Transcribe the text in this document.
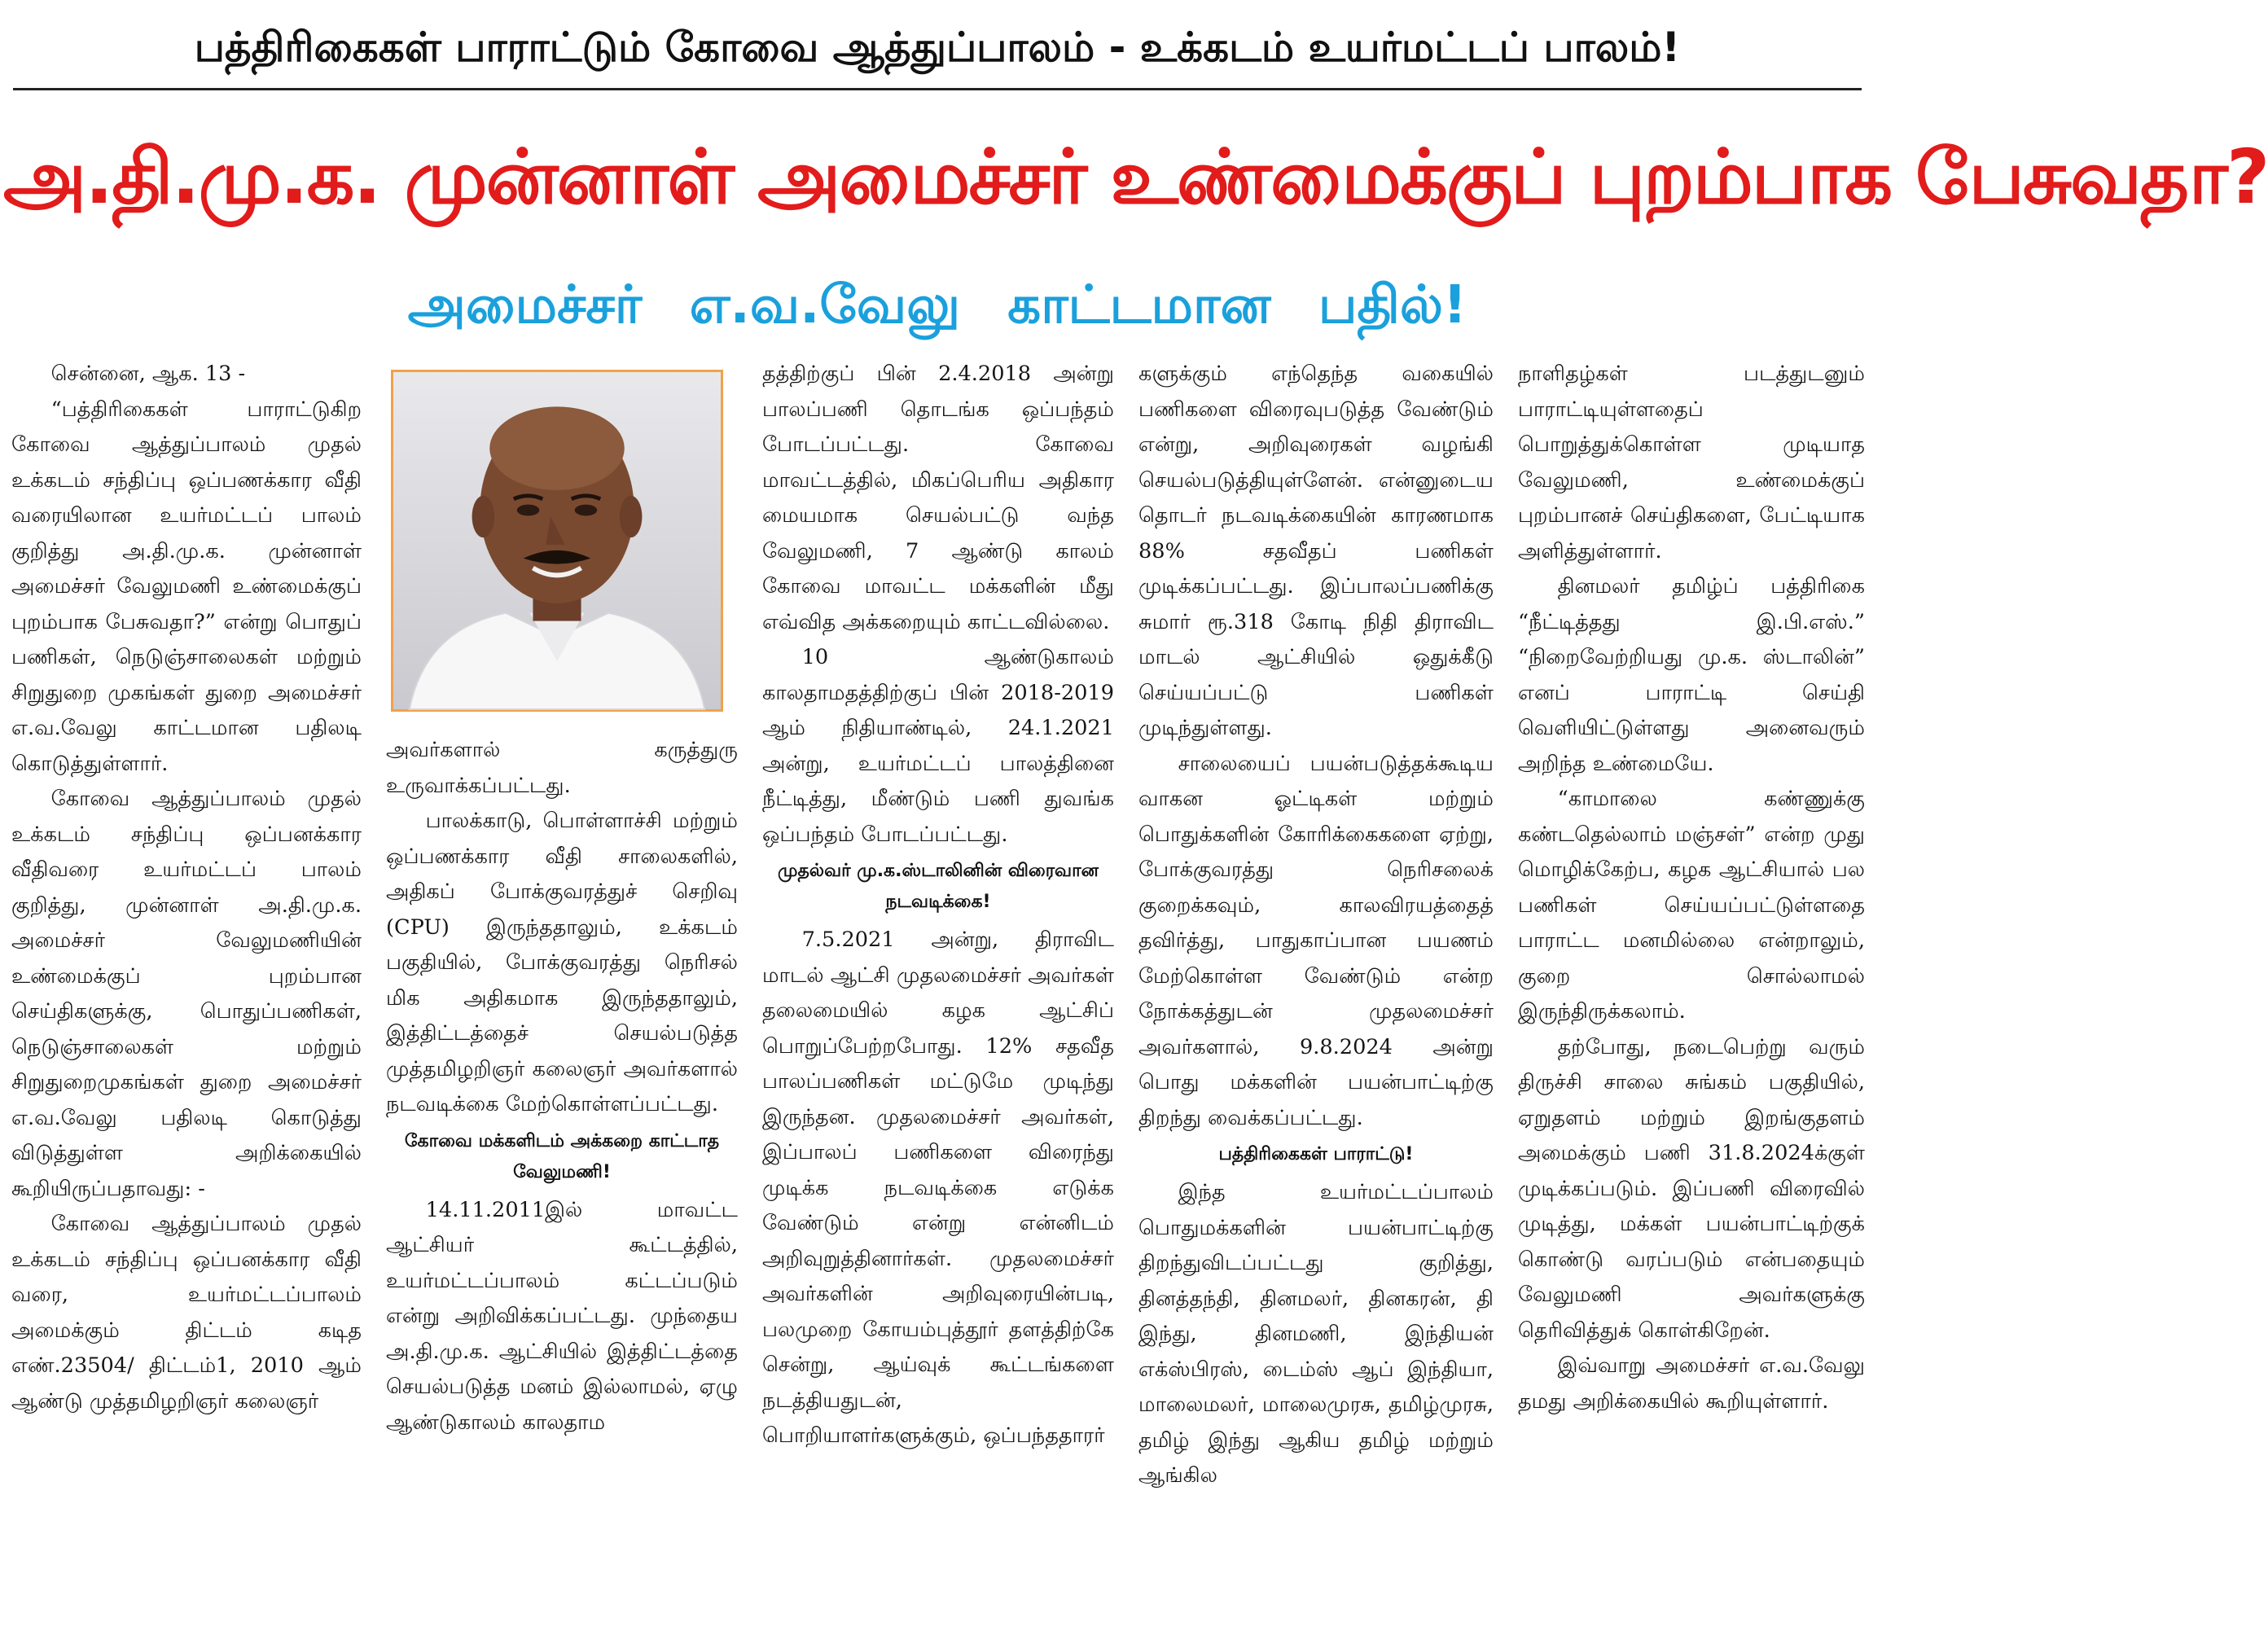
பத்திரிகைகள் பாராட்டும் கோவை ஆத்துப்பாலம் - உக்கடம் உயர்மட்டப் பாலம்!
அ.தி.மு.க. முன்னாள் அமைச்சர் உண்மைக்குப் புறம்பாக பேசுவதா?
அமைச்சர் எ.வ.வேலு காட்டமான பதில்!

சென்னை, ஆக. 13 -

“பத்திரிகைகள் பாராட்டுகிற கோவை ஆத்துப்பாலம் முதல் உக்கடம் சந்திப்பு ஒப்பணக்கார வீதி வரையிலான உயர்மட்டப் பாலம் குறித்து அ.தி.மு.க. முன்னாள் அமைச்சர் வேலுமணி உண்மைக்குப் புறம்பாக பேசுவதா?” என்று பொதுப் பணிகள், நெடுஞ்சாலைகள் மற்றும் சிறுதுறை முகங்கள் துறை அமைச்சர் எ.வ.வேலு காட்டமான பதிலடி கொடுத்துள்ளார்.

கோவை ஆத்துப்பாலம் முதல் உக்கடம் சந்திப்பு ஒப்பனக்கார வீதிவரை உயர்மட்டப் பாலம் குறித்து, முன்னாள் அ.தி.மு.க. அமைச்சர் வேலுமணியின் உண்மைக்குப் புறம்பான செய்திகளுக்கு, பொதுப்பணிகள், நெடுஞ்சாலைகள் மற்றும் சிறுதுறைமுகங்கள் துறை அமைச்சர் எ.வ.வேலு பதிலடி கொடுத்து விடுத்துள்ள அறிக்கையில் கூறியிருப்பதாவது: -

கோவை ஆத்துப்பாலம் முதல் உக்கடம் சந்திப்பு ஒப்பனக்கார வீதி வரை, உயர்மட்டப்பாலம் அமைக்கும் திட்டம் கடித எண்.23504/ திட்டம்1, 2010 ஆம் ஆண்டு முத்தமிழறிஞர் கலைஞர்

அவர்களால் கருத்துரு உருவாக்கப்பட்டது.

பாலக்காடு, பொள்ளாச்சி மற்றும் ஒப்பணக்கார வீதி சாலைகளில், அதிகப் போக்குவரத்துச் செறிவு (CPU) இருந்ததாலும், உக்கடம் பகுதியில், போக்குவரத்து நெரிசல் மிக அதிகமாக இருந்ததாலும், இத்திட்டத்தைச் செயல்படுத்த முத்தமிழறிஞர் கலைஞர் அவர்களால் நடவடிக்கை மேற்கொள்ளப்பட்டது.

கோவை மக்களிடம் அக்கறை காட்டாத வேலுமணி!

14.11.2011இல் மாவட்ட ஆட்சியர் கூட்டத்தில், உயர்மட்டப்பாலம் கட்டப்படும் என்று அறிவிக்கப்பட்டது. முந்தைய அ.தி.மு.க. ஆட்சியில் இத்திட்டத்தை செயல்படுத்த மனம் இல்லாமல், ஏழு ஆண்டுகாலம் காலதாம

தத்திற்குப் பின் 2.4.2018 அன்று பாலப்பணி தொடங்க ஒப்பந்தம் போடப்பட்டது. கோவை மாவட்டத்தில், மிகப்பெரிய அதிகார மையமாக செயல்பட்டு வந்த வேலுமணி, 7 ஆண்டு காலம் கோவை மாவட்ட மக்களின் மீது எவ்வித அக்கறையும் காட்டவில்லை.

10 ஆண்டுகாலம் காலதாமதத்திற்குப் பின் 2018-2019 ஆம் நிதியாண்டில், 24.1.2021 அன்று, உயர்மட்டப் பாலத்தினை நீட்டித்து, மீண்டும் பணி துவங்க ஒப்பந்தம் போடப்பட்டது.

முதல்வர் மு.க.ஸ்டாலினின் விரைவான நடவடிக்கை!

7.5.2021 அன்று, திராவிட மாடல் ஆட்சி முதலமைச்சர் அவர்கள் தலைமையில் கழக ஆட்சிப் பொறுப்பேற்றபோது. 12% சதவீத பாலப்பணிகள் மட்டுமே முடிந்து இருந்தன. முதலமைச்சர் அவர்கள், இப்பாலப் பணிகளை விரைந்து முடிக்க நடவடிக்கை எடுக்க வேண்டும் என்று என்னிடம் அறிவுறுத்தினார்கள். முதலமைச்சர் அவர்களின் அறிவுரையின்படி, பலமுறை கோயம்புத்தூர் தளத்திற்கே சென்று, ஆய்வுக் கூட்டங்களை நடத்தியதுடன், பொறியாளர்களுக்கும், ஒப்பந்ததாரர்

களுக்கும் எந்தெந்த வகையில் பணிகளை விரைவுபடுத்த வேண்டும் என்று, அறிவுரைகள் வழங்கி செயல்படுத்தியுள்ளேன். என்னுடைய தொடர் நடவடிக்கையின் காரணமாக 88% சதவீதப் பணிகள் முடிக்கப்பட்டது. இப்பாலப்பணிக்கு சுமார் ரூ.318 கோடி நிதி திராவிட மாடல் ஆட்சியில் ஒதுக்கீடு செய்யப்பட்டு பணிகள் முடிந்துள்ளது.

சாலையைப் பயன்படுத்தக்கூடிய வாகன ஓட்டிகள் மற்றும் பொதுக்களின் கோரிக்கைகளை ஏற்று, போக்குவரத்து நெரிசலைக் குறைக்கவும், காலவிரயத்தைத் தவிர்த்து, பாதுகாப்பான பயணம் மேற்கொள்ள வேண்டும் என்ற நோக்கத்துடன் முதலமைச்சர் அவர்களால், 9.8.2024 அன்று பொது மக்களின் பயன்பாட்டிற்கு திறந்து வைக்கப்பட்டது.

பத்திரிகைகள் பாராட்டு!

இந்த உயர்மட்டப்பாலம் பொதுமக்களின் பயன்பாட்டிற்கு திறந்துவிடப்பட்டது குறித்து, தினத்தந்தி, தினமலர், தினகரன், தி இந்து, தினமணி, இந்தியன் எக்ஸ்பிரஸ், டைம்ஸ் ஆப் இந்தியா, மாலைமலர், மாலைமுரசு, தமிழ்முரசு, தமிழ் இந்து ஆகிய தமிழ் மற்றும் ஆங்கில

நாளிதழ்கள் படத்துடனும் பாராட்டியுள்ளதைப் பொறுத்துக்கொள்ள முடியாத வேலுமணி, உண்மைக்குப் புறம்பானச் செய்திகளை, பேட்டியாக அளித்துள்ளார்.

தினமலர் தமிழ்ப் பத்திரிகை “நீட்டித்தது இ.பி.எஸ்.” “நிறைவேற்றியது மு.க. ஸ்டாலின்” எனப் பாராட்டி செய்தி வெளியிட்டுள்ளது அனைவரும் அறிந்த உண்மையே.

“காமாலை கண்ணுக்கு கண்டதெல்லாம் மஞ்சள்” என்ற முது மொழிக்கேற்ப, கழக ஆட்சியால் பல பணிகள் செய்யப்பட்டுள்ளதை பாராட்ட மனமில்லை என்றாலும், குறை சொல்லாமல் இருந்திருக்கலாம்.

தற்போது, நடைபெற்று வரும் திருச்சி சாலை சுங்கம் பகுதியில், ஏறுதளம் மற்றும் இறங்குதளம் அமைக்கும் பணி 31.8.2024க்குள் முடிக்கப்படும். இப்பணி விரைவில் முடித்து, மக்கள் பயன்பாட்டிற்குக் கொண்டு வரப்படும் என்பதையும் வேலுமணி அவர்களுக்கு தெரிவித்துக் கொள்கிறேன்.

இவ்வாறு அமைச்சர் எ.வ.வேலு தமது அறிக்கையில் கூறியுள்ளார்.
